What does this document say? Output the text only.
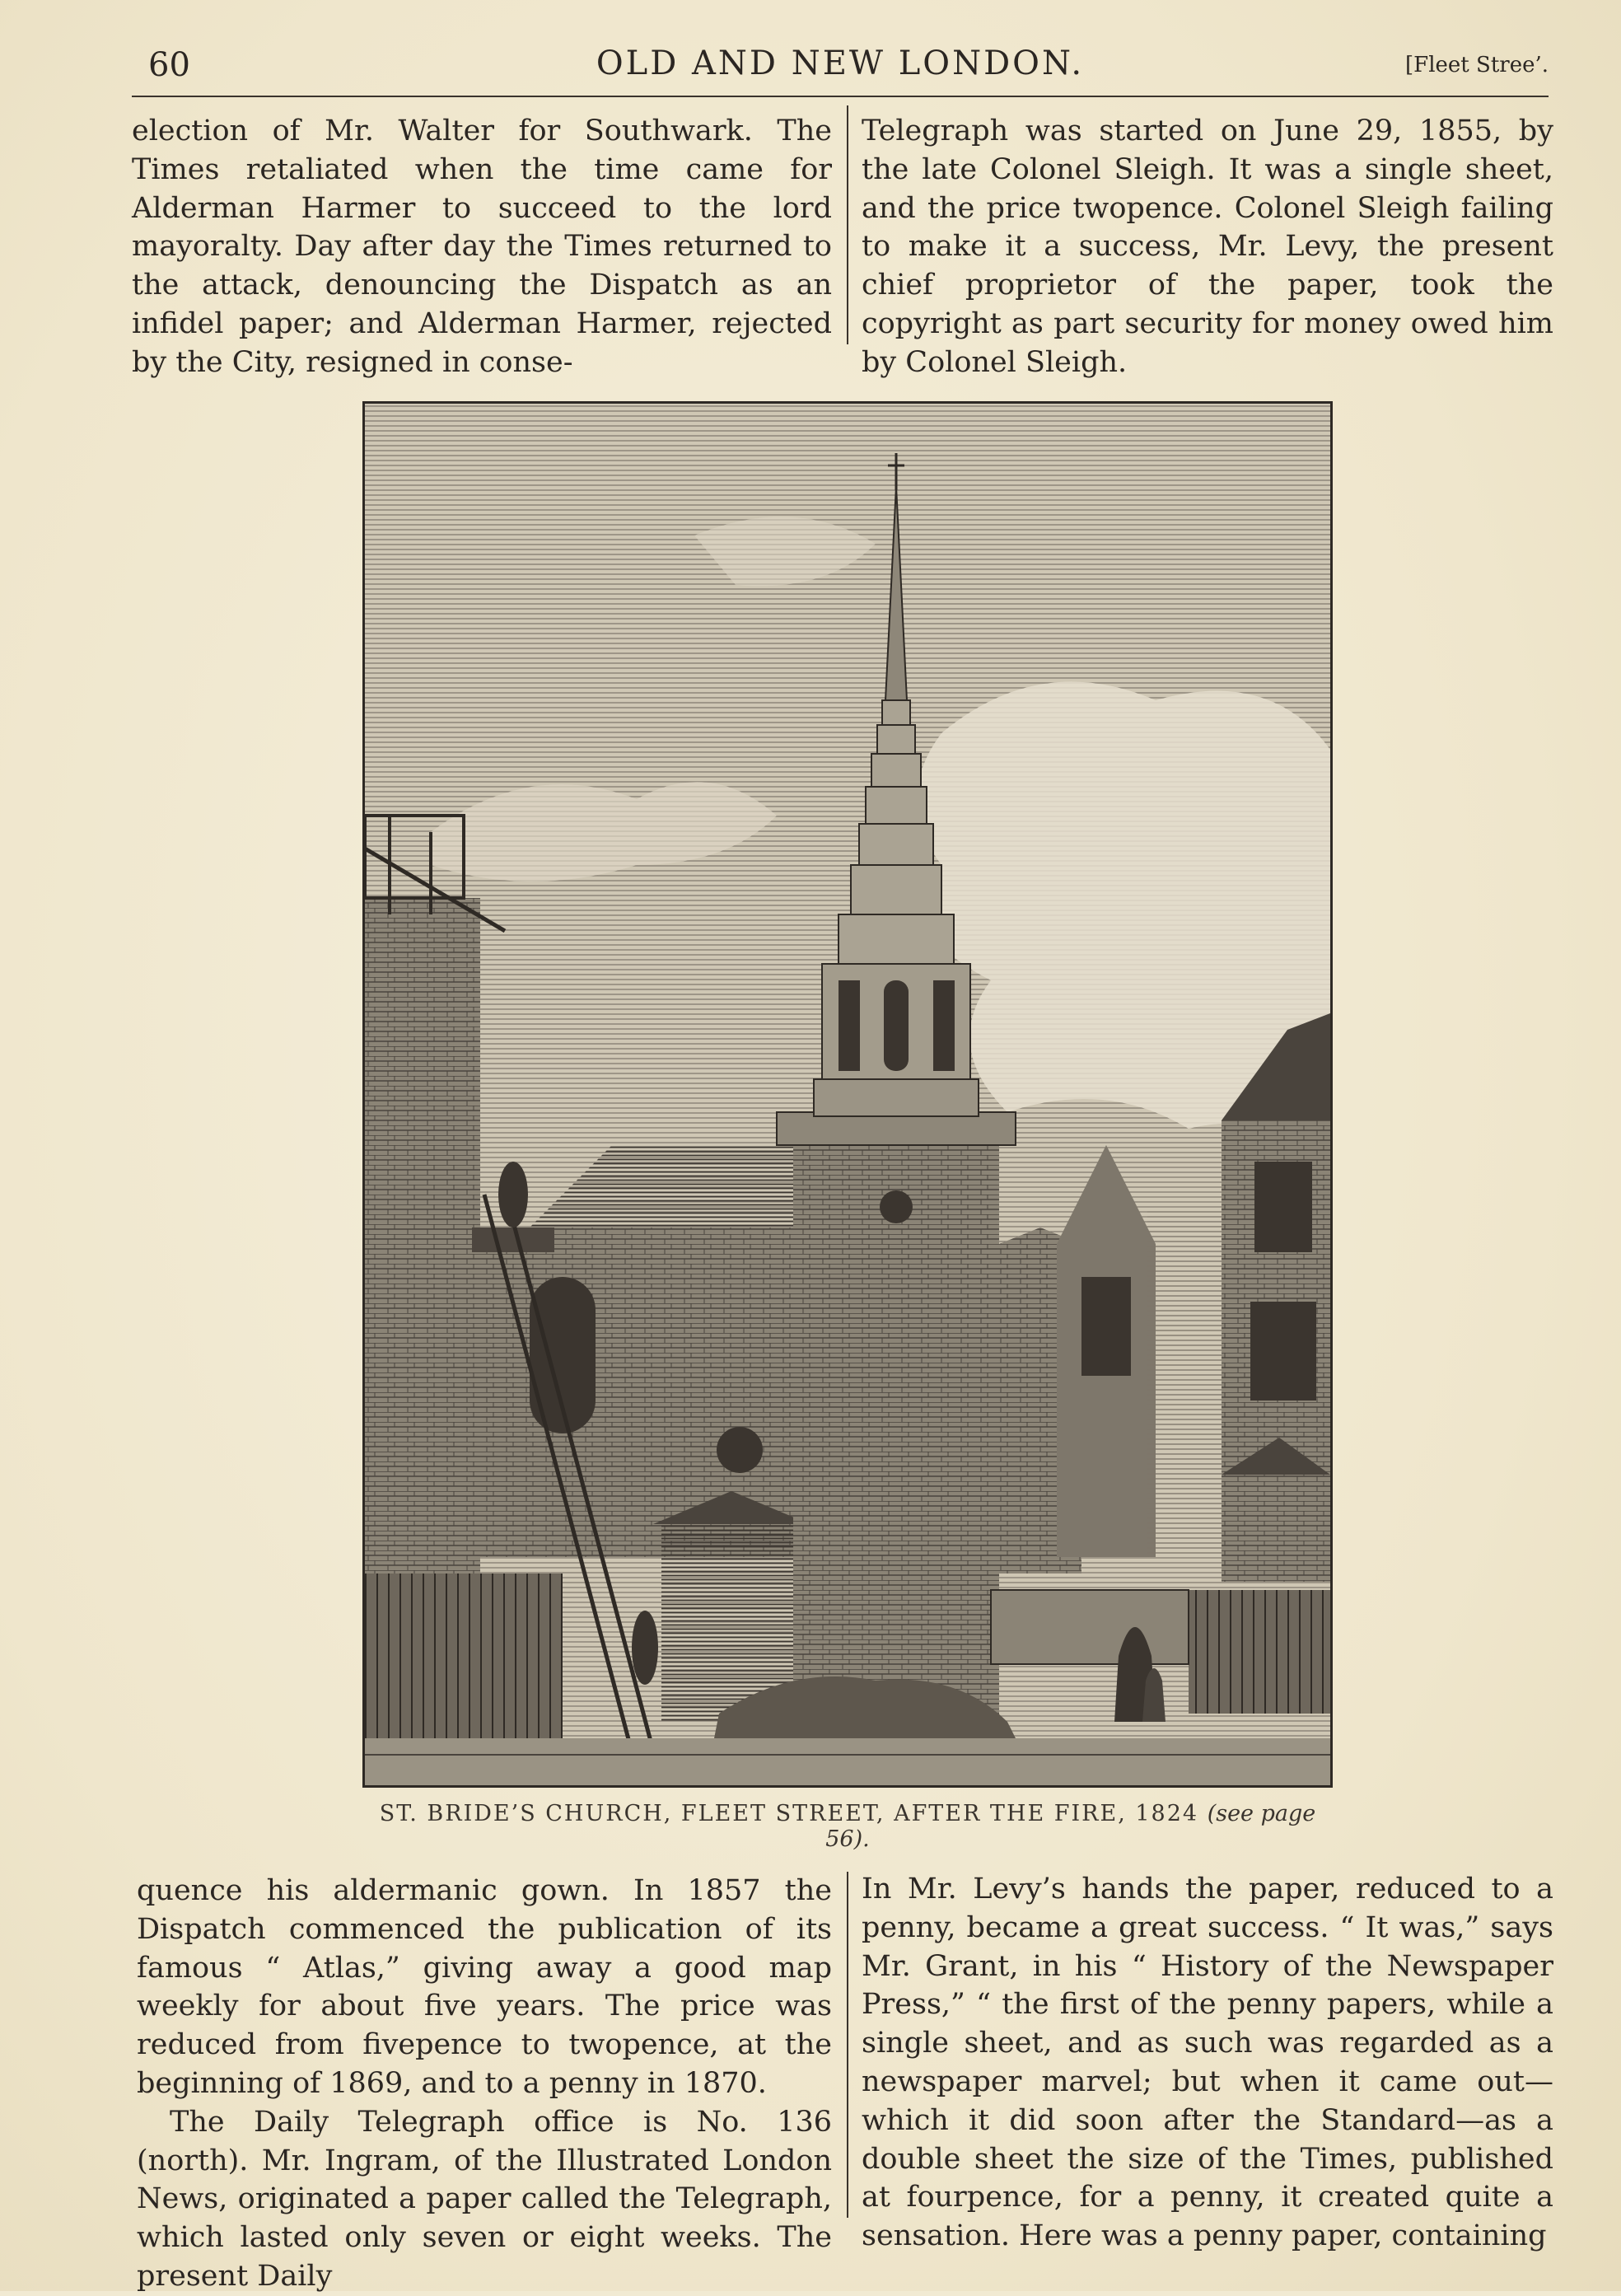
60	OLD AND NEW LONDON.	[Fleet Stree’.

election of Mr. Walter for Southwark. The Times retaliated when the time came for Alderman Harmer to succeed to the lord mayoralty. Day after day the Times returned to the attack, denouncing the Dispatch as an infidel paper; and Alderman Harmer, rejected by the City, resigned in conse-

Telegraph was started on June 29, 1855, by the late Colonel Sleigh. It was a single sheet, and the price twopence. Colonel Sleigh failing to make it a success, Mr. Levy, the present chief proprietor of the paper, took the copyright as part security for money owed him by Colonel Sleigh.

ST. BRIDE’S CHURCH, FLEET STREET, AFTER THE FIRE, 1824 (see page 56).

quence his aldermanic gown. In 1857 the Dispatch commenced the publication of its famous “ Atlas,” giving away a good map weekly for about five years. The price was reduced from fivepence to twopence, at the beginning of 1869, and to a penny in 1870.

The Daily Telegraph office is No. 136 (north). Mr. Ingram, of the Illustrated London News, originated a paper called the Telegraph, which lasted only seven or eight weeks. The present Daily

In Mr. Levy’s hands the paper, reduced to a penny, became a great success. “ It was,” says Mr. Grant, in his “ History of the Newspaper Press,” “ the first of the penny papers, while a single sheet, and as such was regarded as a newspaper marvel; but when it came out—which it did soon after the Standard—as a double sheet the size of the Times, published at fourpence, for a penny, it created quite a sensation. Here was a penny paper, containing
